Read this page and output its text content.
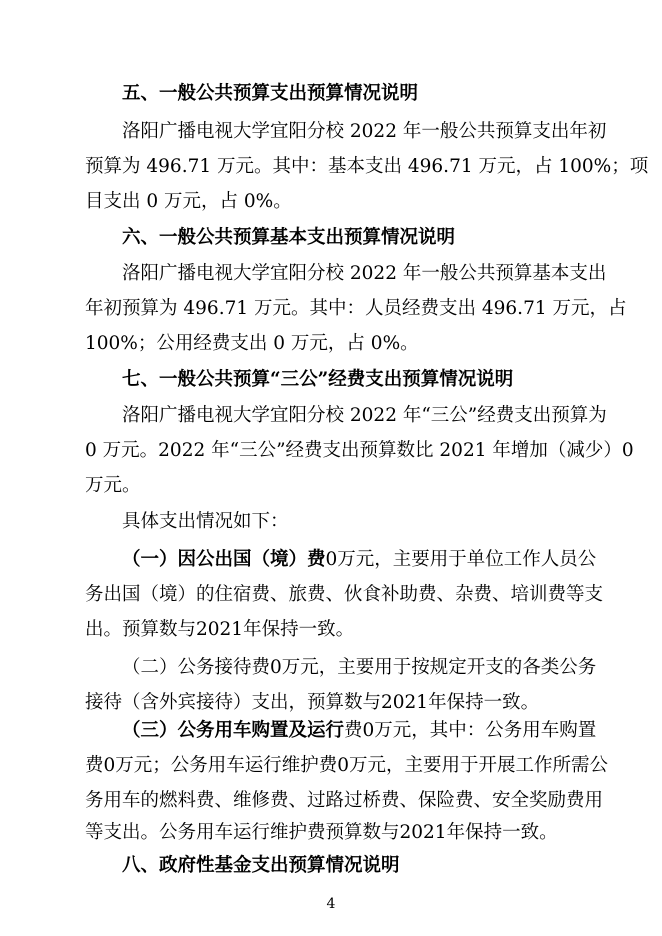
五、一般公共预算支出预算情况说明
洛阳广播电视大学宜阳分校 2022 年一般公共预算支出年初
预算为 496.71 万元。其中：基本支出 496.71 万元，占 100%；项
目支出 0 万元，占 0%。
六、一般公共预算基本支出预算情况说明
洛阳广播电视大学宜阳分校 2022 年一般公共预算基本支出
年初预算为 496.71 万元。其中：人员经费支出 496.71 万元，占
100%；公用经费支出 0 万元，占 0%。
七、一般公共预算“三公”经费支出预算情况说明
洛阳广播电视大学宜阳分校 2022 年“三公”经费支出预算为
0 万元。2022 年“三公”经费支出预算数比 2021 年增加（减少）0
万元。
具体支出情况如下：
（一）因公出国（境）费0万元，主要用于单位工作人员公
务出国（境）的住宿费、旅费、伙食补助费、杂费、培训费等支
出。预算数与2021年保持一致。
（二）公务接待费0万元，主要用于按规定开支的各类公务
接待（含外宾接待）支出，预算数与2021年保持一致。
（三）公务用车购置及运行费0万元，其中：公务用车购置
费0万元；公务用车运行维护费0万元，主要用于开展工作所需公
务用车的燃料费、维修费、过路过桥费、保险费、安全奖励费用
等支出。公务用车运行维护费预算数与2021年保持一致。
4
八、政府性基金支出预算情况说明
